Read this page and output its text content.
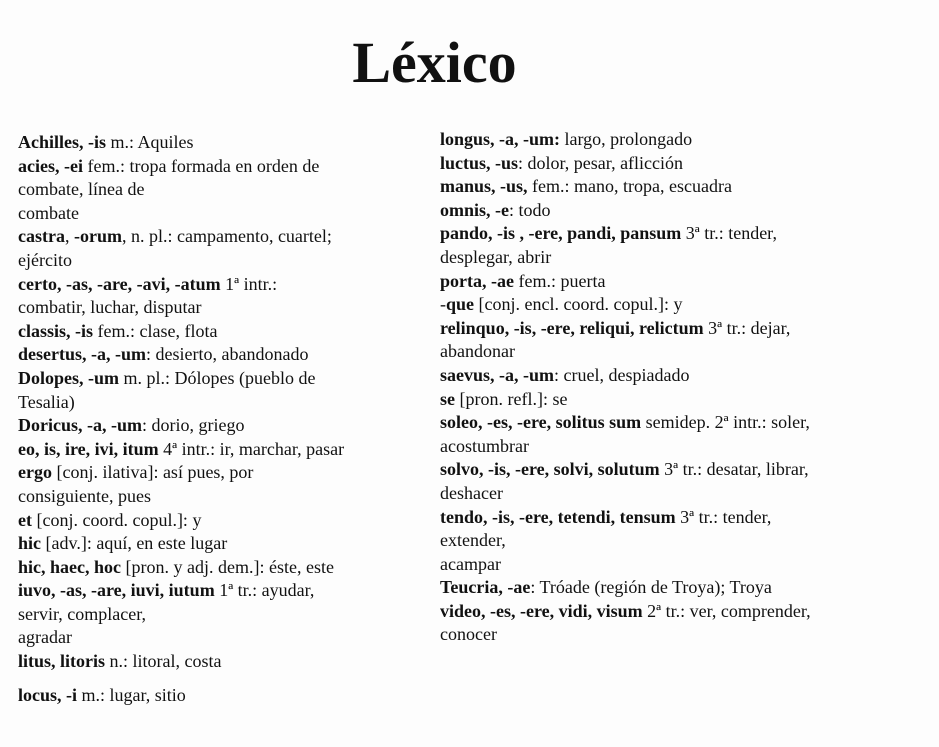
Léxico
Achilles, -is m.: Aquiles
acies, -ei fem.: tropa formada en orden de
combate, línea de
combate
castra, -orum, n. pl.: campamento, cuartel;
ejército
certo, -as, -are, -avi, -atum 1ª intr.:
combatir, luchar, disputar
classis, -is fem.: clase, flota
desertus, -a, -um: desierto, abandonado
Dolopes, -um m. pl.: Dólopes (pueblo de
Tesalia)
Doricus, -a, -um: dorio, griego
eo, is, ire, ivi, itum 4ª intr.: ir, marchar, pasar
ergo [conj. ilativa]: así pues, por
consiguiente, pues
et [conj. coord. copul.]: y
hic [adv.]: aquí, en este lugar
hic, haec, hoc [pron. y adj. dem.]: éste, este
iuvo, -as, -are, iuvi, iutum 1ª tr.: ayudar,
servir, complacer,
agradar
litus, litoris n.: litoral, costa
locus, -i m.: lugar, sitio
longus, -a, -um: largo, prolongado
luctus, -us: dolor, pesar, aflicción
manus, -us, fem.: mano, tropa, escuadra
omnis, -e: todo
pando, -is , -ere, pandi, pansum 3ª tr.: tender,
desplegar, abrir
porta, -ae fem.: puerta
-que [conj. encl. coord. copul.]: y
relinquo, -is, -ere, reliqui, relictum 3ª tr.: dejar,
abandonar
saevus, -a, -um: cruel, despiadado
se [pron. refl.]: se
soleo, -es, -ere, solitus sum semidep. 2ª intr.: soler,
acostumbrar
solvo, -is, -ere, solvi, solutum 3ª tr.: desatar, librar,
deshacer
tendo, -is, -ere, tetendi, tensum 3ª tr.: tender,
extender,
acampar
Teucria, -ae: Tróade (región de Troya); Troya
video, -es, -ere, vidi, visum 2ª tr.: ver, comprender,
conocer
